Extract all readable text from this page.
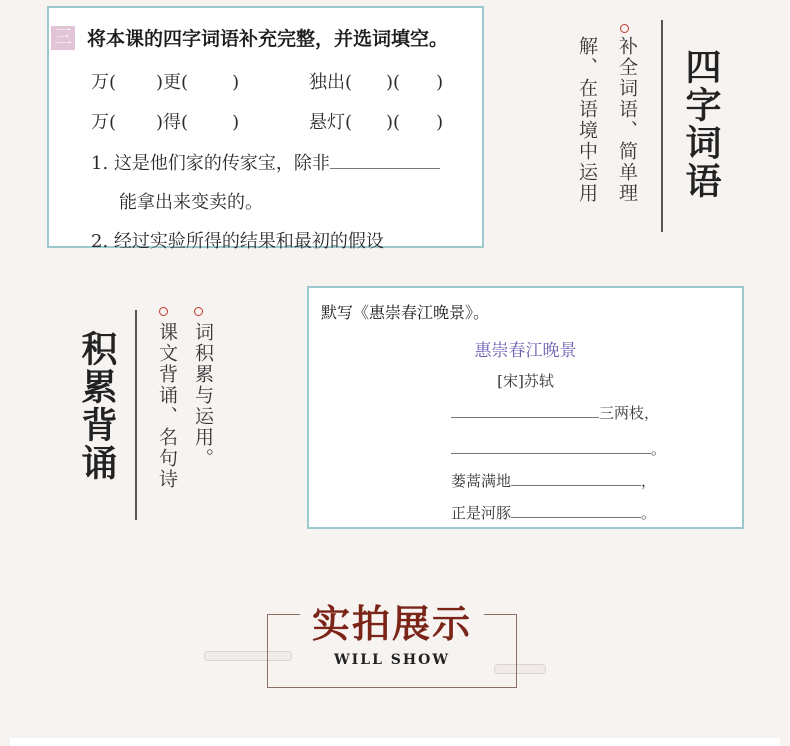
三 将本课的四字词语补充完整，并选词填空。
万( )更( )	独出( )( )
万( )得( )	悬灯( )( )
1. 这是他们家的传家宝，除非
能拿出来变卖的。
2. 经过实验所得的结果和最初的假设
补全词语、简单理
解、在语境中运用 四字词语
积累背诵	词积累与运用。
课文背诵、名句诗
默写《惠崇春江晚景》。
惠崇春江晚景
[宋]苏轼
三两枝，
。
蒌蒿满地	，
正是河豚	。
实拍展示
WILL SHOW
